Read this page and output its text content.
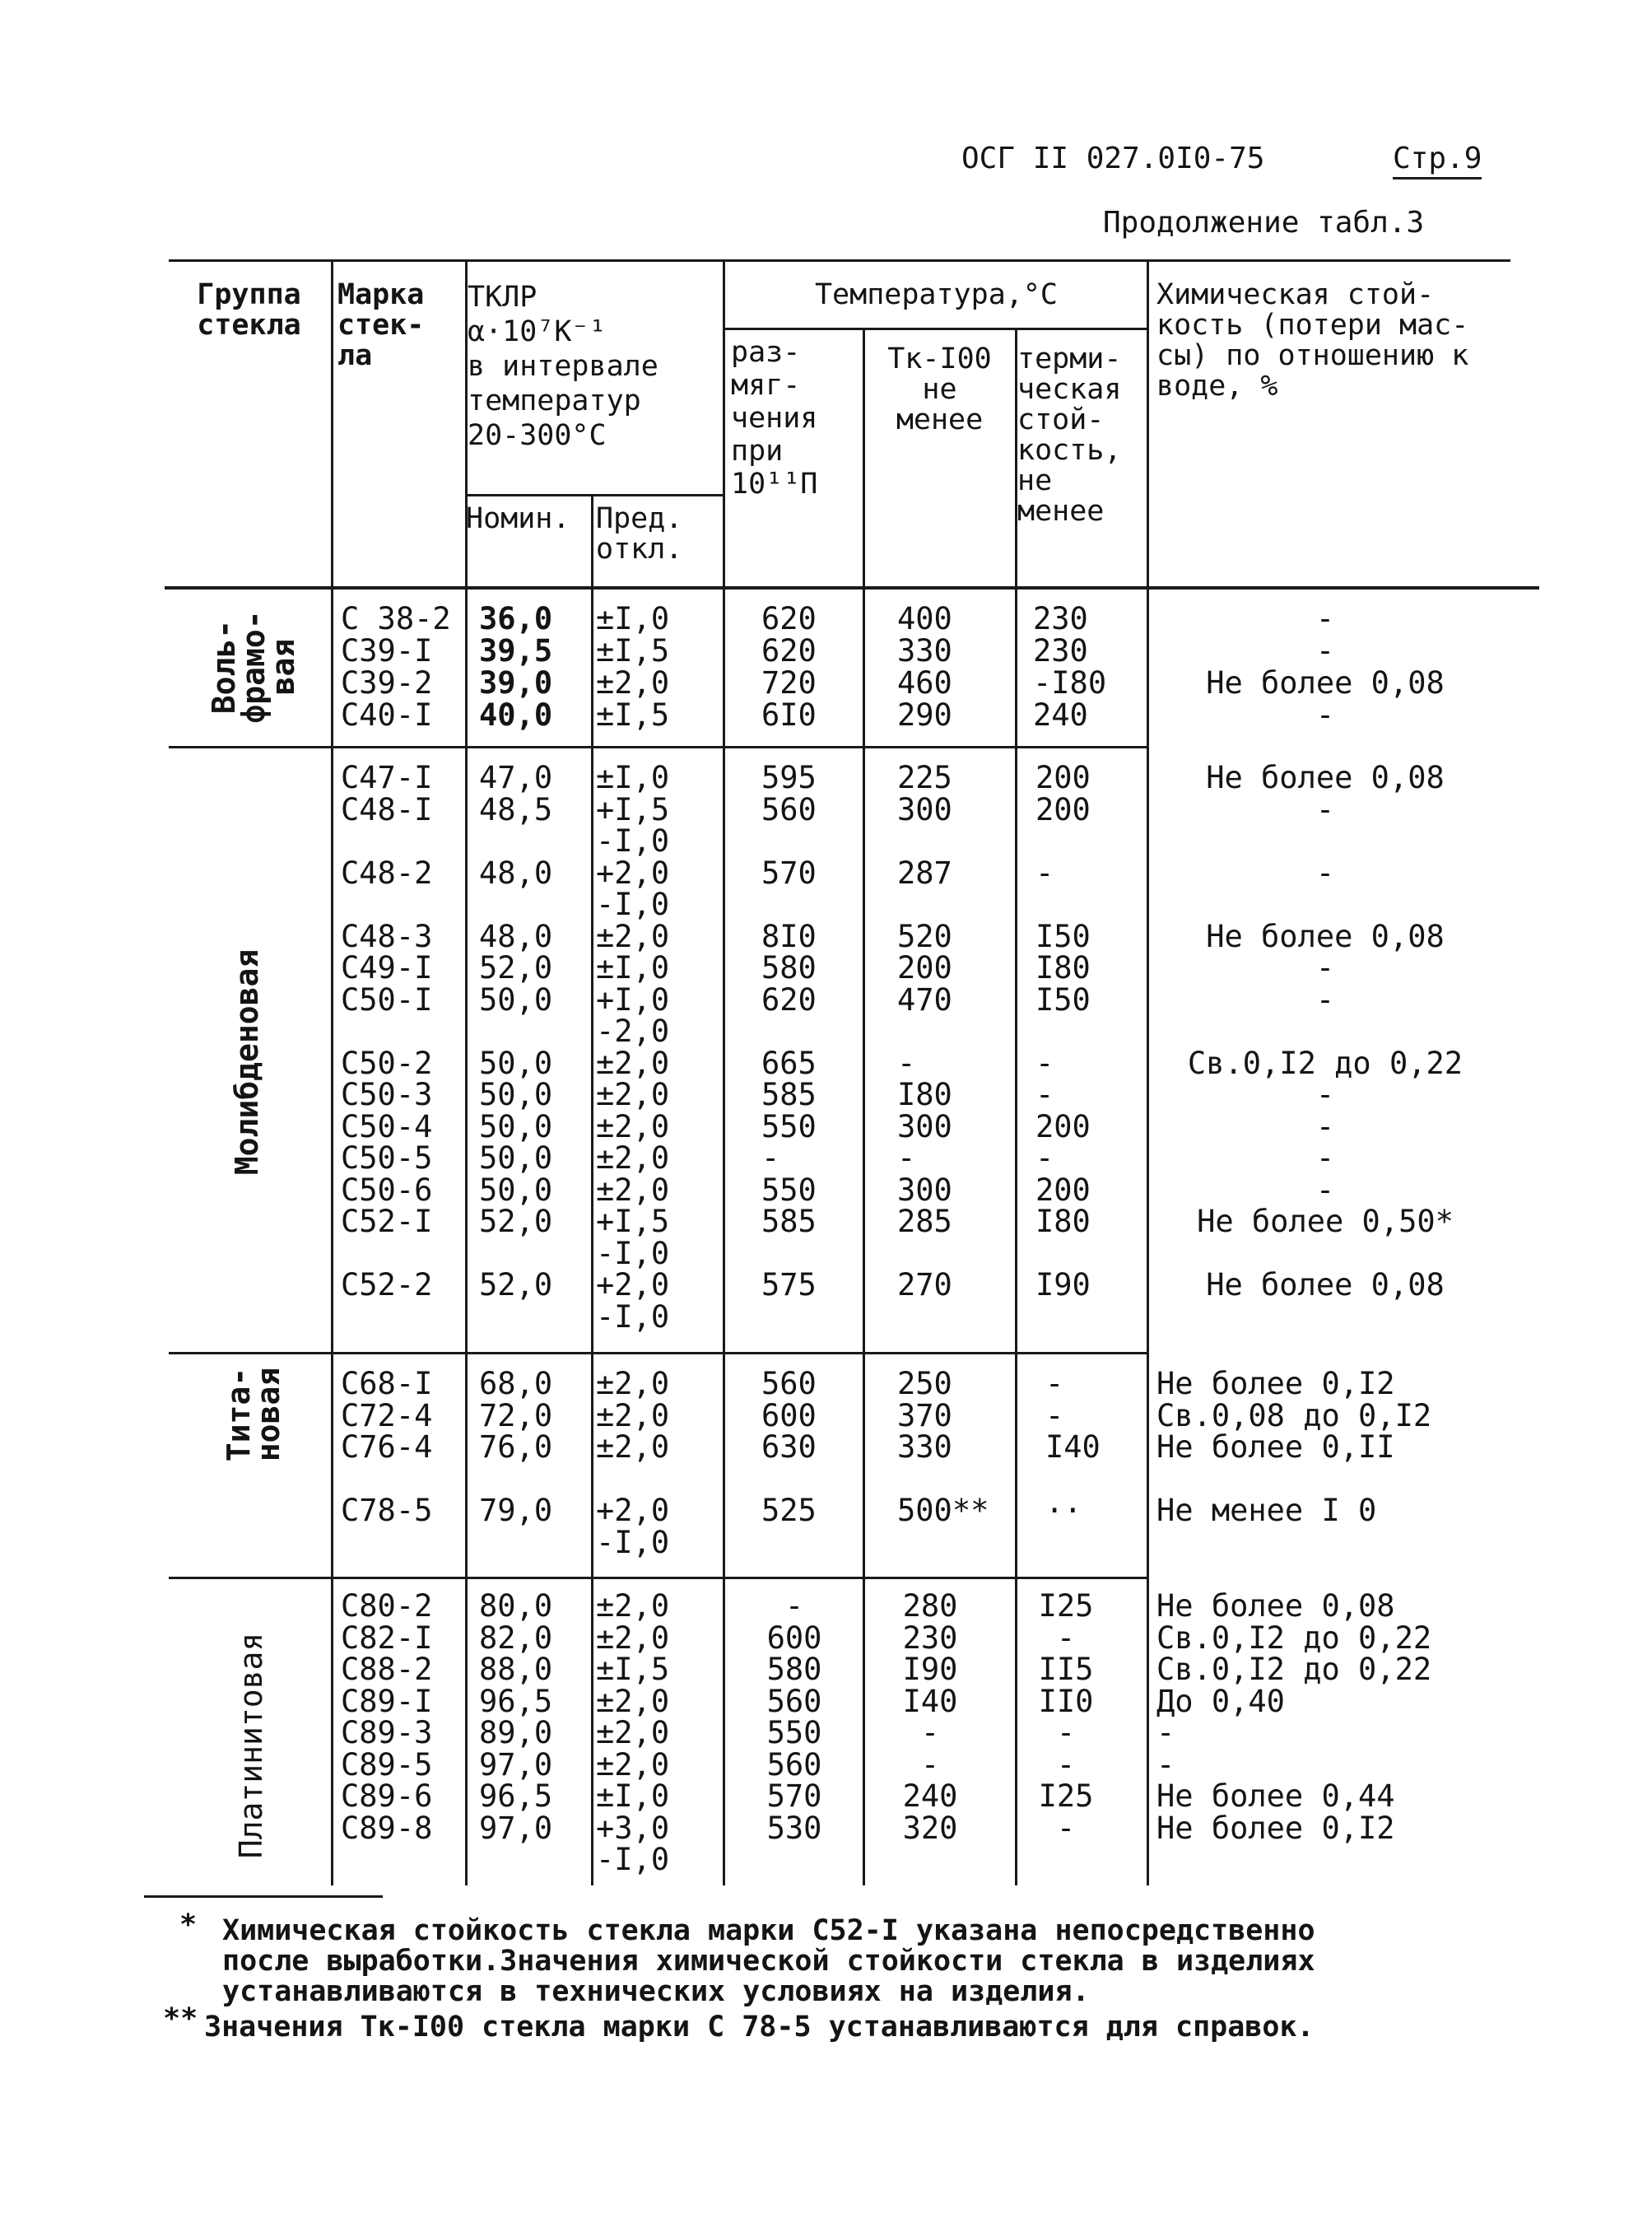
ОСГ II 027.0I0-75	Стр.9
Продолжение табл.3
Группа
стекла
Марка
стек-
ла
ТКЛР
α·10⁷К⁻¹
в интервале
температур
20-300°С
Номин. Пред.
откл.
Температура,°С
раз-
мяг-
чения
при
10¹¹П
Тк-I00
не
менее
терми-
ческая
стой-
кость,
не
менее
Химическая стой-
кость (потери мас-
сы) по отношению к
воде, %
Воль-
фрамо-
вая
С 38-2
С39-I
С39-2
С40-I
36,0
39,5
39,0
40,0
±I,0
±I,5
±2,0
±I,5
620
620
720
6I0
400
330
460
290
230
230
-I80
240
-
-
Не более 0,08
-
Молибденовая
С47-I
С48-I

С48-2

С48-3
С49-I
С50-I

С50-2
С50-3
С50-4
С50-5
С50-6
С52-I

С52-2
47,0
48,5

48,0

48,0
52,0
50,0

50,0
50,0
50,0
50,0
50,0
52,0

52,0
±I,0
+I,5
-I,0
+2,0
-I,0
±2,0
±I,0
+I,0
-2,0
±2,0
±2,0
±2,0
±2,0
±2,0
+I,5
-I,0
+2,0
-I,0
595
560

570

8I0
580
620

665
585
550
-
550
585

575
225
300

287

520
200
470

-
I80
300
-
300
285

270
200
200

-

I50
I80
I50

-
-
200
-
200
I80

I90
Не более 0,08
-

-

Не более 0,08
-
-

Св.0,I2 до 0,22
-
-
-
-
Не более 0,50*

Не более 0,08
Тита-
новая С68-I
С72-4
С76-4

С78-5
68,0
72,0
76,0

79,0
±2,0
±2,0
±2,0

+2,0
-I,0
560
600
630

525
250
370
330

500**
-
-
I40

··
Не более 0,I2
Св.0,08 до 0,I2
Не более 0,II

Не менее I 0
Платинитовая
С80-2
С82-I
С88-2
С89-I
С89-3
С89-5
С89-6
С89-8
80,0
82,0
88,0
96,5
89,0
97,0
96,5
97,0
±2,0
±2,0
±I,5
±2,0
±2,0
±2,0
±I,0
+3,0
-I,0
-
600
580
560
550
560
570
530
280
230
I90
I40
-
-
240
320
I25
-
II5
II0
-
-
I25
-
Не более 0,08
Св.0,I2 до 0,22
Св.0,I2 до 0,22
До 0,40
-
-
Не более 0,44
Не более 0,I2
* Химическая стойкость стекла марки С52-I указана непосредственно
после выработки.Значения химической стойкости стекла в изделиях
устанавливаются в технических условиях на изделия.
** Значения Тк-I00 стекла марки С 78-5 устанавливаются для справок.
